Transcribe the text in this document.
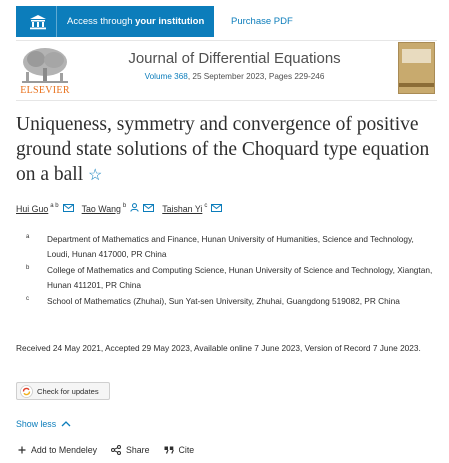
Access through your institution	Purchase PDF
ELSEVIER
Journal of Differential Equations
Volume 368, 25 September 2023, Pages 229-246
Uniqueness, symmetry and convergence of positive ground state solutions of the Choquard type equation on a ball ☆
Hui Guo $^{a b}$	Tao Wang $^b$	Taishan Yi $^c$
a	Department of Mathematics and Finance, Hunan University of Humanities, Science and Technology, Loudi, Hunan 417000, PR China
b	College of Mathematics and Computing Science, Hunan University of Science and Technology, Xiangtan, Hunan 411201, PR China
c	School of Mathematics (Zhuhai), Sun Yat-sen University, Zhuhai, Guangdong 519082, PR China
Received 24 May 2021, Accepted 29 May 2023, Available online 7 June 2023, Version of Record 7 June 2023.
Check for updates
Show less
Add to Mendeley	Share	Cite
